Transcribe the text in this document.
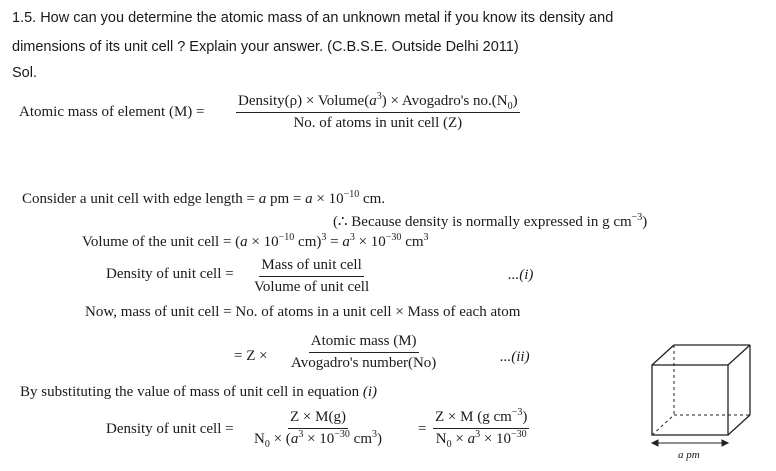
1.5. How can you determine the atomic mass of an unknown metal if you know its density and
dimensions of its unit cell ? Explain your answer. (C.B.S.E. Outside Delhi 2011)
Sol.
Atomic mass of element (M) =
Density(ρ) × $Volume(a^3)$ × Avogadro's $no.(N_0)$
No. of atoms in unit cell (Z)
Consider a unit cell with edge length = a pm = $a \times 10^{-10}$ cm.
(∴ Because density is normally expressed in g $cm^{-3}$)
Volume of the unit cell = ($a \times 10^{-10}$ $cm)^3 = a^3 \times 10^{-30}$ $cm^3$
Density of unit cell =
Mass of unit cell
Volume of unit cell
...(i)
Now, mass of unit cell = No. of atoms in a unit cell × Mass of each atom
= Z ×
Atomic mass (M)
Avogadro's number(No)	...(ii)
By substituting the value of mass of unit cell in equation (i)
Density of unit cell = $\frac{Z \times M(g)}{N_0 \times (a^3 \times 10^{-30} cm^3)} = \frac{Z \times M (g cm^{-3})}{N_0 \times a^3 \times 10^{-30}}$
a pm
